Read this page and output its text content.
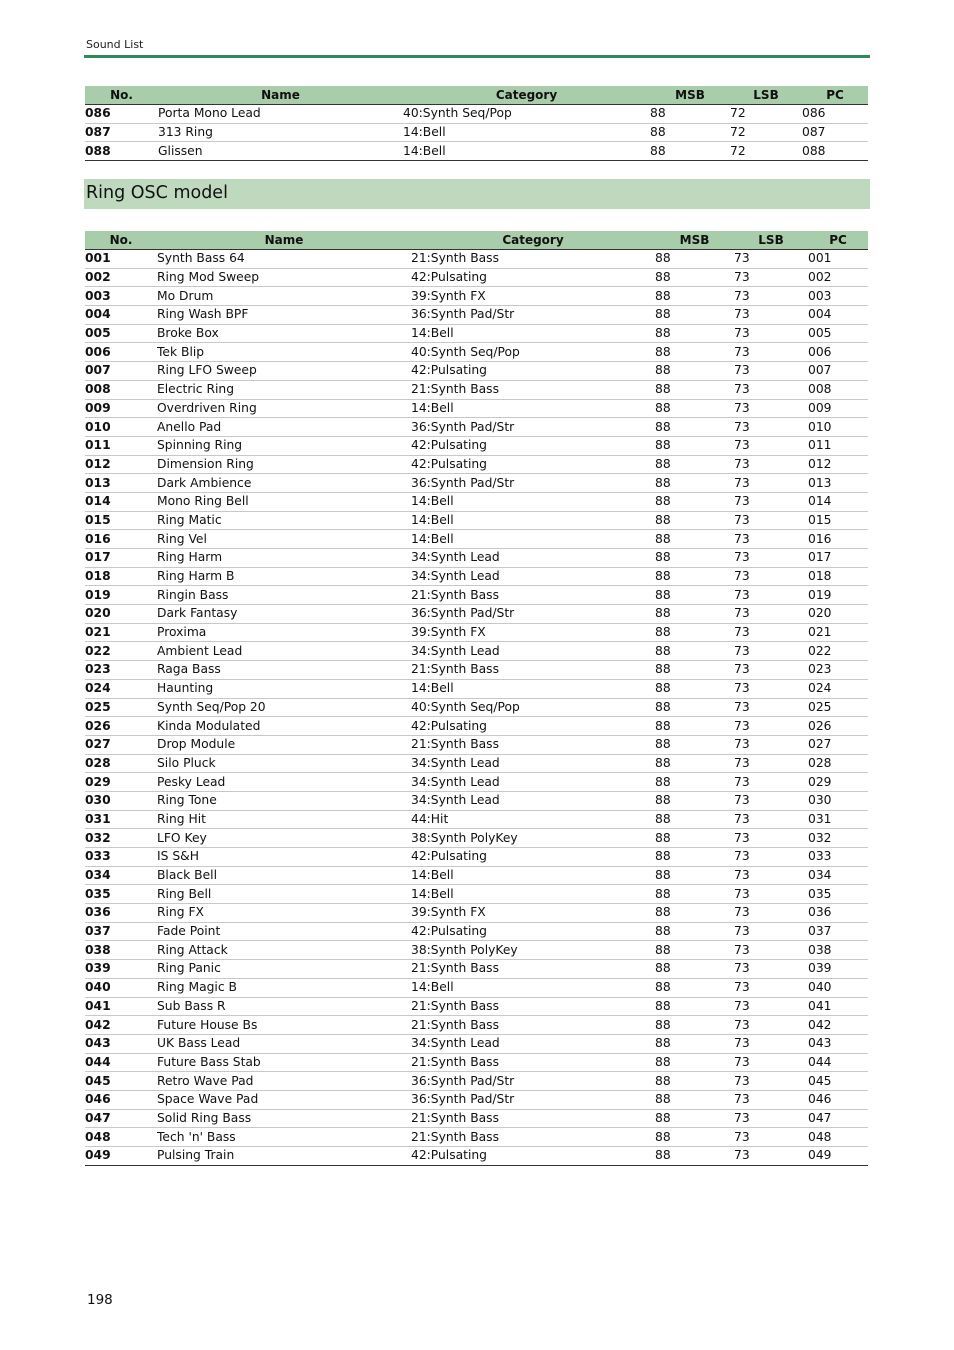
Sound List
No.	Name	Category	MSB	LSB	PC
086	Porta Mono Lead	40:Synth Seq/Pop	88	72	086
087	313 Ring	14:Bell	88	72	087
088	Glissen	14:Bell	88	72	088
Ring OSC model
No.	Name	Category	MSB	LSB	PC
001	Synth Bass 64	21:Synth Bass	88	73	001
002	Ring Mod Sweep	42:Pulsating	88	73	002
003	Mo Drum	39:Synth FX	88	73	003
004	Ring Wash BPF	36:Synth Pad/Str	88	73	004
005	Broke Box	14:Bell	88	73	005
006	Tek Blip	40:Synth Seq/Pop	88	73	006
007	Ring LFO Sweep	42:Pulsating	88	73	007
008	Electric Ring	21:Synth Bass	88	73	008
009	Overdriven Ring	14:Bell	88	73	009
010	Anello Pad	36:Synth Pad/Str	88	73	010
011	Spinning Ring	42:Pulsating	88	73	011
012	Dimension Ring	42:Pulsating	88	73	012
013	Dark Ambience	36:Synth Pad/Str	88	73	013
014	Mono Ring Bell	14:Bell	88	73	014
015	Ring Matic	14:Bell	88	73	015
016	Ring Vel	14:Bell	88	73	016
017	Ring Harm	34:Synth Lead	88	73	017
018	Ring Harm B	34:Synth Lead	88	73	018
019	Ringin Bass	21:Synth Bass	88	73	019
020	Dark Fantasy	36:Synth Pad/Str	88	73	020
021	Proxima	39:Synth FX	88	73	021
022	Ambient Lead	34:Synth Lead	88	73	022
023	Raga Bass	21:Synth Bass	88	73	023
024	Haunting	14:Bell	88	73	024
025	Synth Seq/Pop 20	40:Synth Seq/Pop	88	73	025
026	Kinda Modulated	42:Pulsating	88	73	026
027	Drop Module	21:Synth Bass	88	73	027
028	Silo Pluck	34:Synth Lead	88	73	028
029	Pesky Lead	34:Synth Lead	88	73	029
030	Ring Tone	34:Synth Lead	88	73	030
031	Ring Hit	44:Hit	88	73	031
032	LFO Key	38:Synth PolyKey	88	73	032
033	IS S&H	42:Pulsating	88	73	033
034	Black Bell	14:Bell	88	73	034
035	Ring Bell	14:Bell	88	73	035
036	Ring FX	39:Synth FX	88	73	036
037	Fade Point	42:Pulsating	88	73	037
038	Ring Attack	38:Synth PolyKey	88	73	038
039	Ring Panic	21:Synth Bass	88	73	039
040	Ring Magic B	14:Bell	88	73	040
041	Sub Bass R	21:Synth Bass	88	73	041
042	Future House Bs	21:Synth Bass	88	73	042
043	UK Bass Lead	34:Synth Lead	88	73	043
044	Future Bass Stab	21:Synth Bass	88	73	044
045	Retro Wave Pad	36:Synth Pad/Str	88	73	045
046	Space Wave Pad	36:Synth Pad/Str	88	73	046
047	Solid Ring Bass	21:Synth Bass	88	73	047
048	Tech 'n' Bass	21:Synth Bass	88	73	048
049	Pulsing Train	42:Pulsating	88	73	049
198
